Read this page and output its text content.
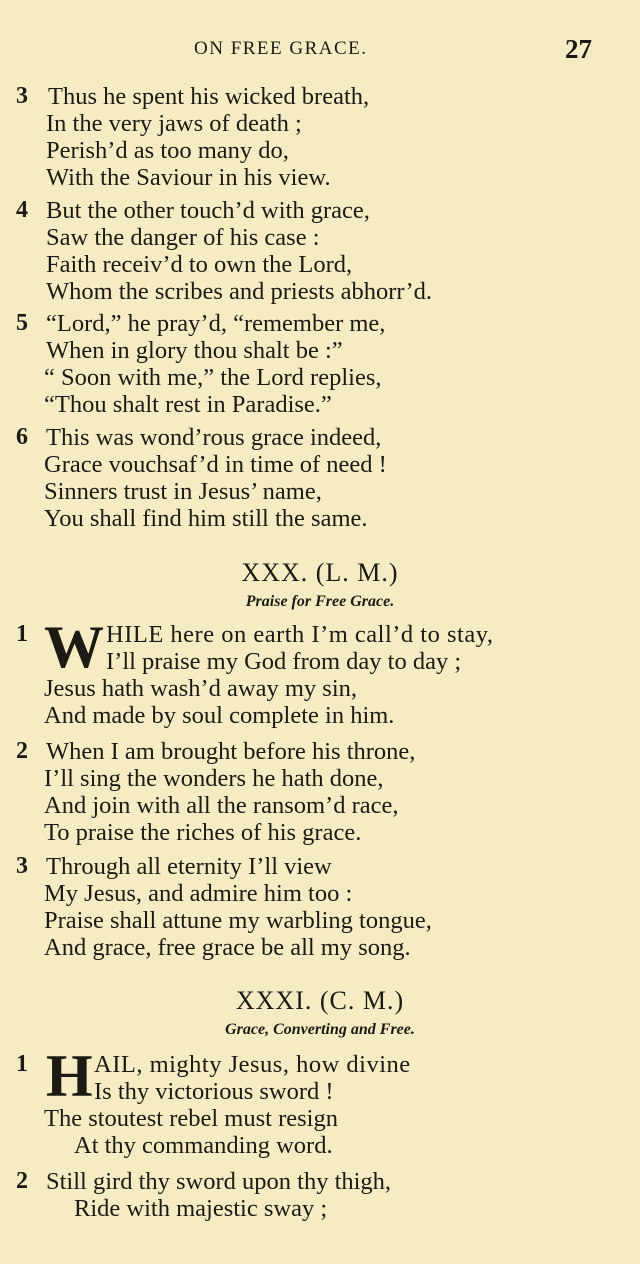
ON FREE GRACE.	27
3 Thus he spent his wicked breath,
In the very jaws of death ;
Perish’d as too many do,
With the Saviour in his view.
4 But the other touch’d with grace,
Saw the danger of his case :
Faith receiv’d to own the Lord,
Whom the scribes and priests abhorr’d.
5 “Lord,” he pray’d, “remember me,
When in glory thou shalt be :”
“ Soon with me,” the Lord replies,
“Thou shalt rest in Paradise.”
6 This was wond’rous grace indeed,
Grace vouchsaf’d in time of need !
Sinners trust in Jesus’ name,
You shall find him still the same.
XXX. (L. M.)
Praise for Free Grace.
1 W HILE here on earth I’m call’d to stay,
I’ll praise my God from day to day ;
Jesus hath wash’d away my sin,
And made by soul complete in him.
2 When I am brought before his throne,
I’ll sing the wonders he hath done,
And join with all the ransom’d race,
To praise the riches of his grace.
3 Through all eternity I’ll view
My Jesus, and admire him too :
Praise shall attune my warbling tongue,
And grace, free grace be all my song.
XXXI. (C. M.)
Grace, Converting and Free.
1 H AIL, mighty Jesus, how divine
Is thy victorious sword !
The stoutest rebel must resign
At thy commanding word.
2 Still gird thy sword upon thy thigh,
Ride with majestic sway ;
